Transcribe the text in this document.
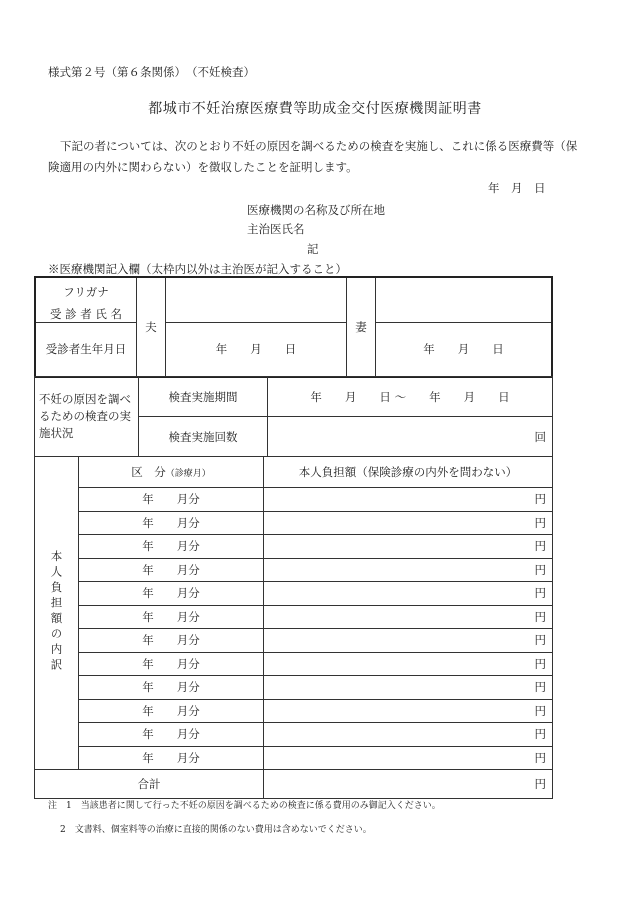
様式第２号（第６条関係）　（不妊検査）
都城市不妊治療医療費等助成金交付医療機関証明書
下記の者については、次のとおり不妊の原因を調べるための検査を実施し、これに係る医療費等（保険適用の内外に関わらない）を徴収したことを証明します。
年　月　日
医療機関の名称及び所在地
主治医氏名
記
※医療機関記入欄（太枠内以外は主治医が記入すること）
フリガナ
受 診 者 氏 名	夫		妻	
受診者生年月日		年　　月　　日		年　　月　　日
不妊の原因を調べるための検査の実施状況	検査実施期間	年　　月　　日 ～　　年　　月　　日
	検査実施回数	回
本人負担額の内訳	区　分（診療月）	本人負担額（保険診療の内外を問わない）
	年　　月分	円
	年　　月分	円
	年　　月分	円
	年　　月分	円
	年　　月分	円
	年　　月分	円
	年　　月分	円
	年　　月分	円
	年　　月分	円
	年　　月分	円
	年　　月分	円
	年　　月分	円
合計		円
注　1　当該患者に関して行った不妊の原因を調べるための検査に係る費用のみ御記入ください。
2　文書料、個室料等の治療に直接的関係のない費用は含めないでください。
